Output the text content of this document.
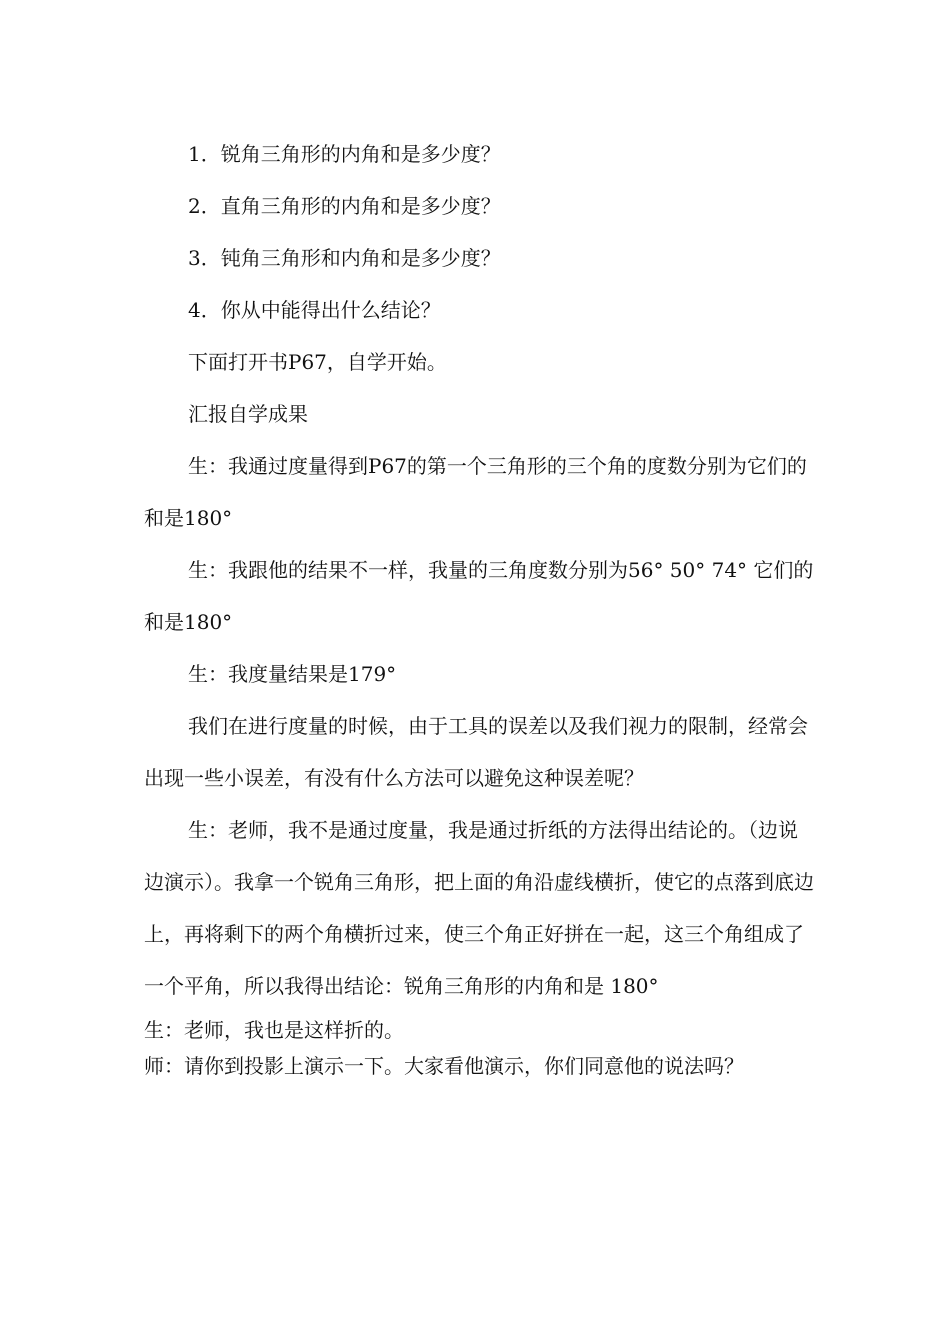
1．锐角三角形的内角和是多少度？

2．直角三角形的内角和是多少度？

3．钝角三角形和内角和是多少度？

4．你从中能得出什么结论？

下面打开书P67，自学开始。

汇报自学成果

生：我通过度量得到P67的第一个三角形的三个角的度数分别为它们的和是180°

生：我跟他的结果不一样，我量的三角度数分别为56° 50° 74° 它们的和是180°

生：我度量结果是179°

我们在进行度量的时候，由于工具的误差以及我们视力的限制，经常会出现一些小误差，有没有什么方法可以避免这种误差呢？

生：老师，我不是通过度量，我是通过折纸的方法得出结论的。（边说边演示）。我拿一个锐角三角形，把上面的角沿虚线横折，使它的点落到底边上，再将剩下的两个角横折过来，使三个角正好拼在一起，这三个角组成了一个平角，所以我得出结论：锐角三角形的内角和是 180°

生：老师，我也是这样折的。

师：请你到投影上演示一下。大家看他演示，你们同意他的说法吗？
